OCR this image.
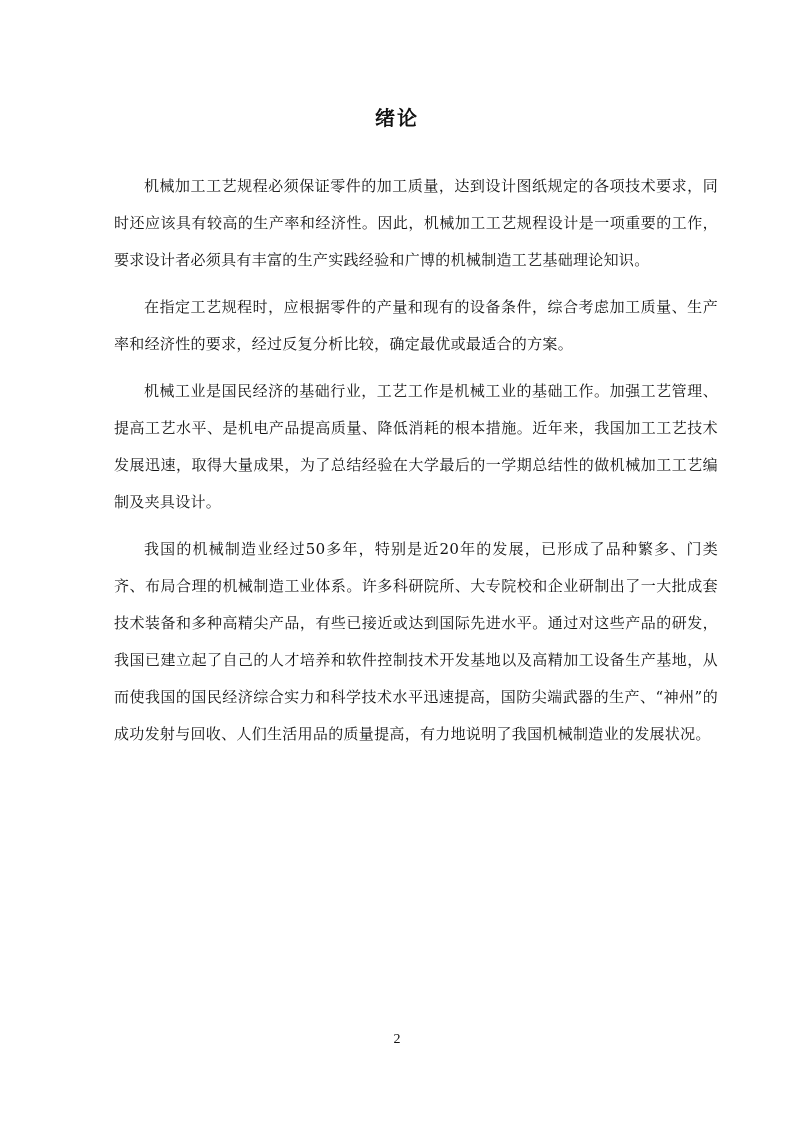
绪论

机械加工工艺规程必须保证零件的加工质量，达到设计图纸规定的各项技术要求，同时还应该具有较高的生产率和经济性。因此，机械加工工艺规程设计是一项重要的工作，要求设计者必须具有丰富的生产实践经验和广博的机械制造工艺基础理论知识。

在指定工艺规程时，应根据零件的产量和现有的设备条件，综合考虑加工质量、生产率和经济性的要求，经过反复分析比较，确定最优或最适合的方案。

机械工业是国民经济的基础行业，工艺工作是机械工业的基础工作。加强工艺管理、提高工艺水平、是机电产品提高质量、降低消耗的根本措施。近年来，我国加工工艺技术发展迅速，取得大量成果，为了总结经验在大学最后的一学期总结性的做机械加工工艺编制及夹具设计。

我国的机械制造业经过50多年，特别是近20年的发展，已形成了品种繁多、门类齐、布局合理的机械制造工业体系。许多科研院所、大专院校和企业研制出了一大批成套技术装备和多种高精尖产品，有些已接近或达到国际先进水平。通过对这些产品的研发，我国已建立起了自己的人才培养和软件控制技术开发基地以及高精加工设备生产基地，从而使我国的国民经济综合实力和科学技术水平迅速提高，国防尖端武器的生产、“神州”的成功发射与回收、人们生活用品的质量提高，有力地说明了我国机械制造业的发展状况。

2
